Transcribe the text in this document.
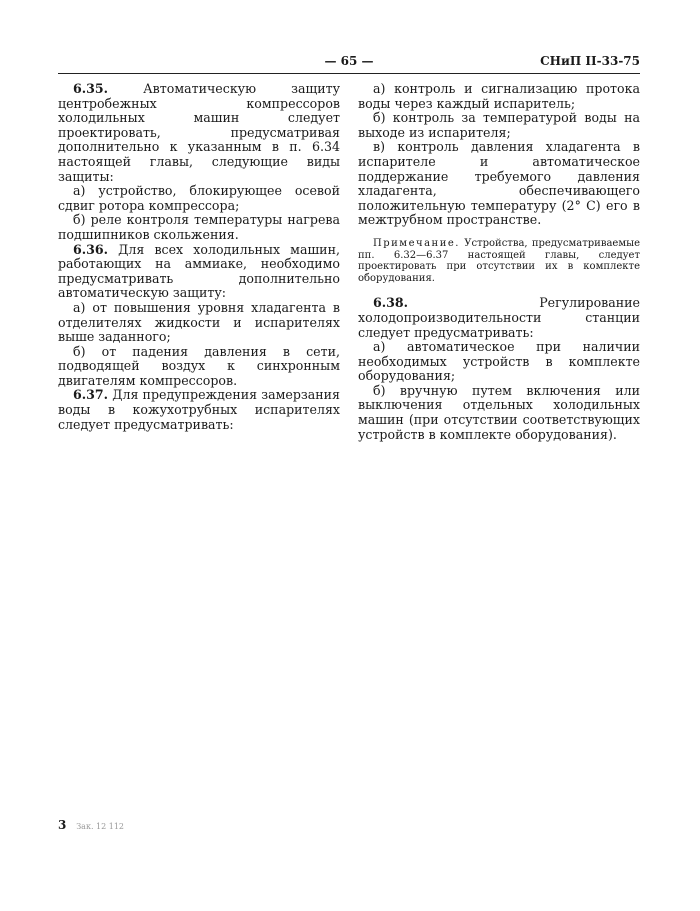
— 65 —	СНиП II-33-75

6.35.	Автоматическую защиту центробежных компрессоров холодильных машин следует проектировать, предусматривая дополнительно к указанным в п. 6.34 настоящей главы, следующие виды защиты:

а) устройство, блокирующее осевой сдвиг ротора компрессора;

б) реле контроля температуры нагрева подшипников скольжения.

6.36. Для всех холодильных машин, работающих на аммиаке, необходимо предусматривать дополнительно автоматическую защиту:

а) от повышения уровня хладагента в отделителях жидкости и испарителях выше заданного;

б) от падения давления в сети, подводящей воздух к синхронным двигателям компрессоров.

6.37. Для предупреждения замерзания воды в кожухотрубных испарителях следует предусматривать:

а) контроль и сигнализацию протока воды через каждый испаритель;

б) контроль за температурой воды на выходе из испарителя;

в) контроль давления хладагента в испарителе и автоматическое поддержание требуемого давления хладагента, обеспечивающего положительную температуру (2° С) его в межтрубном пространстве.

Примечание. Устройства, предусматриваемые пп. 6.32—6.37 настоящей главы, следует проектировать при отсутствии их в комплекте оборудования.

6.38.	Регулирование холодопроизводительности станции следует предусматривать:

а) автоматическое при наличии необходимых устройств в комплекте оборудования;

б) вручную путем включения или выключения отдельных холодильных машин (при отсутствии соответствующих устройств в комплекте оборудования).

3 Зак. 12 112
